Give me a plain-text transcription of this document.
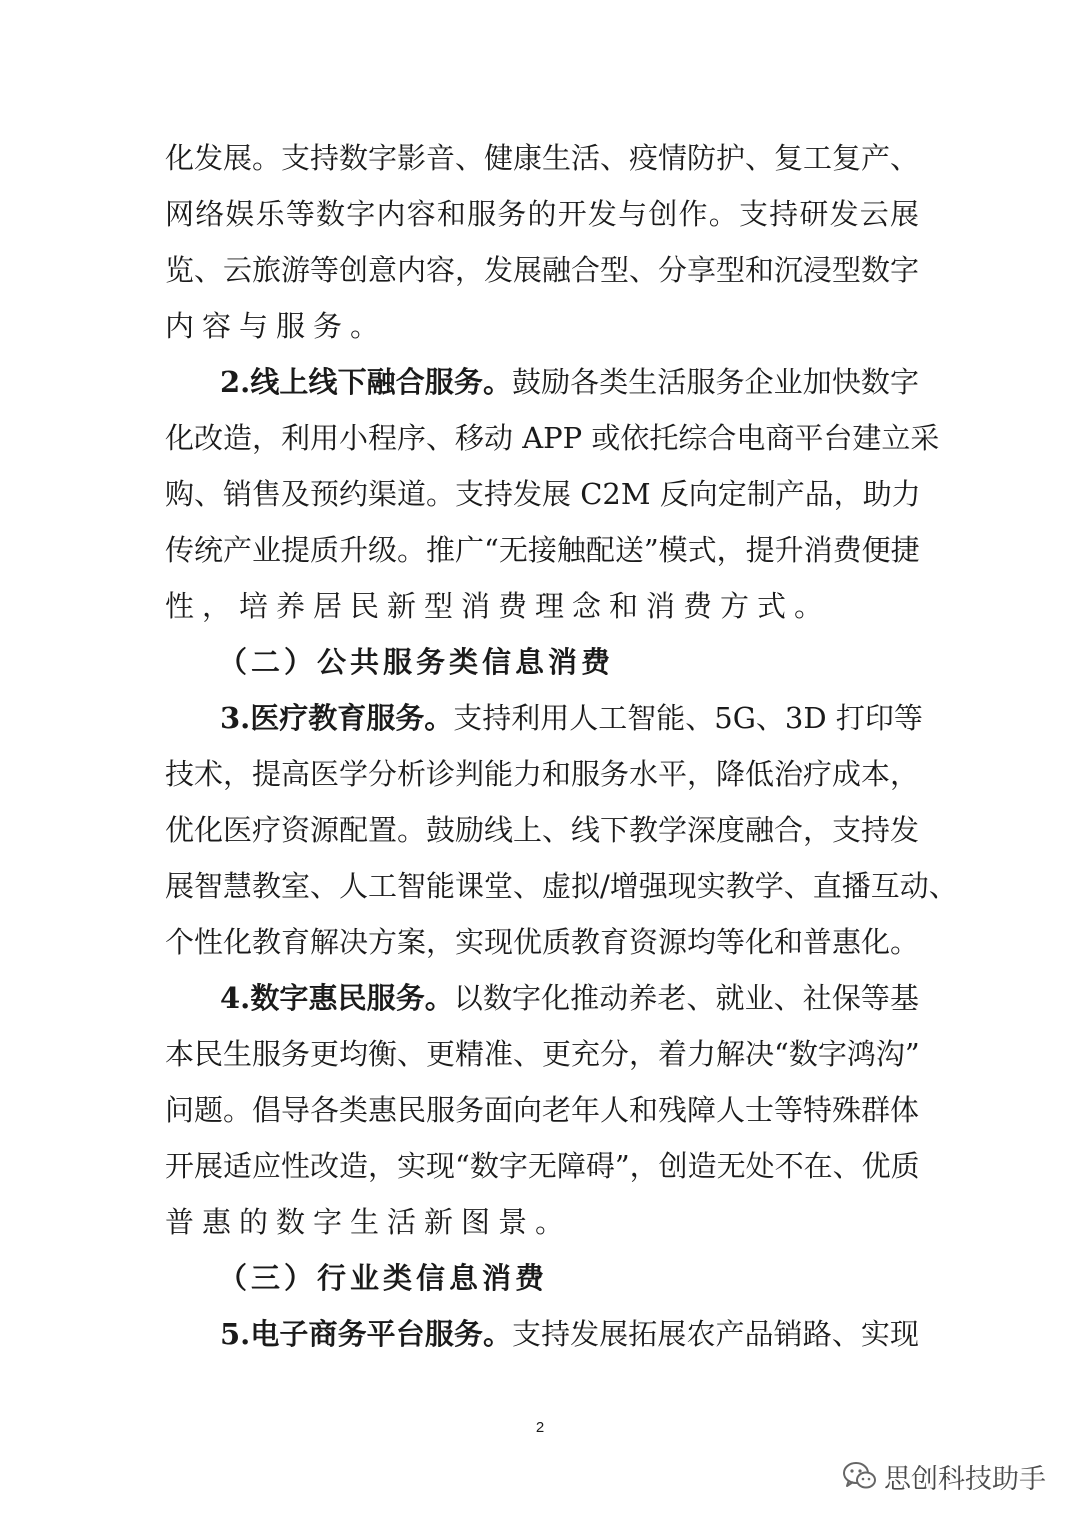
化发展。支持数字影音、健康生活、疫情防护、复工复产、
网络娱乐等数字内容和服务的开发与创作。支持研发云展
览、云旅游等创意内容，发展融合型、分享型和沉浸型数字
内容与服务。
2.线上线下融合服务。鼓励各类生活服务企业加快数字
化改造，利用小程序、移动 APP 或依托综合电商平台建立采
购、销售及预约渠道。支持发展 C2M 反向定制产品，助力
传统产业提质升级。推广“无接触配送”模式，提升消费便捷
性，培养居民新型消费理念和消费方式。
（二）公共服务类信息消费
3.医疗教育服务。支持利用人工智能、5G、3D 打印等
技术，提高医学分析诊判能力和服务水平，降低治疗成本，
优化医疗资源配置。鼓励线上、线下教学深度融合，支持发
展智慧教室、人工智能课堂、虚拟/增强现实教学、直播互动、
个性化教育解决方案，实现优质教育资源均等化和普惠化。
4.数字惠民服务。以数字化推动养老、就业、社保等基
本民生服务更均衡、更精准、更充分，着力解决“数字鸿沟”
问题。倡导各类惠民服务面向老年人和残障人士等特殊群体
开展适应性改造，实现“数字无障碍”，创造无处不在、优质
普惠的数字生活新图景。
（三）行业类信息消费
5.电子商务平台服务。支持发展拓展农产品销路、实现
2
思创科技助手
